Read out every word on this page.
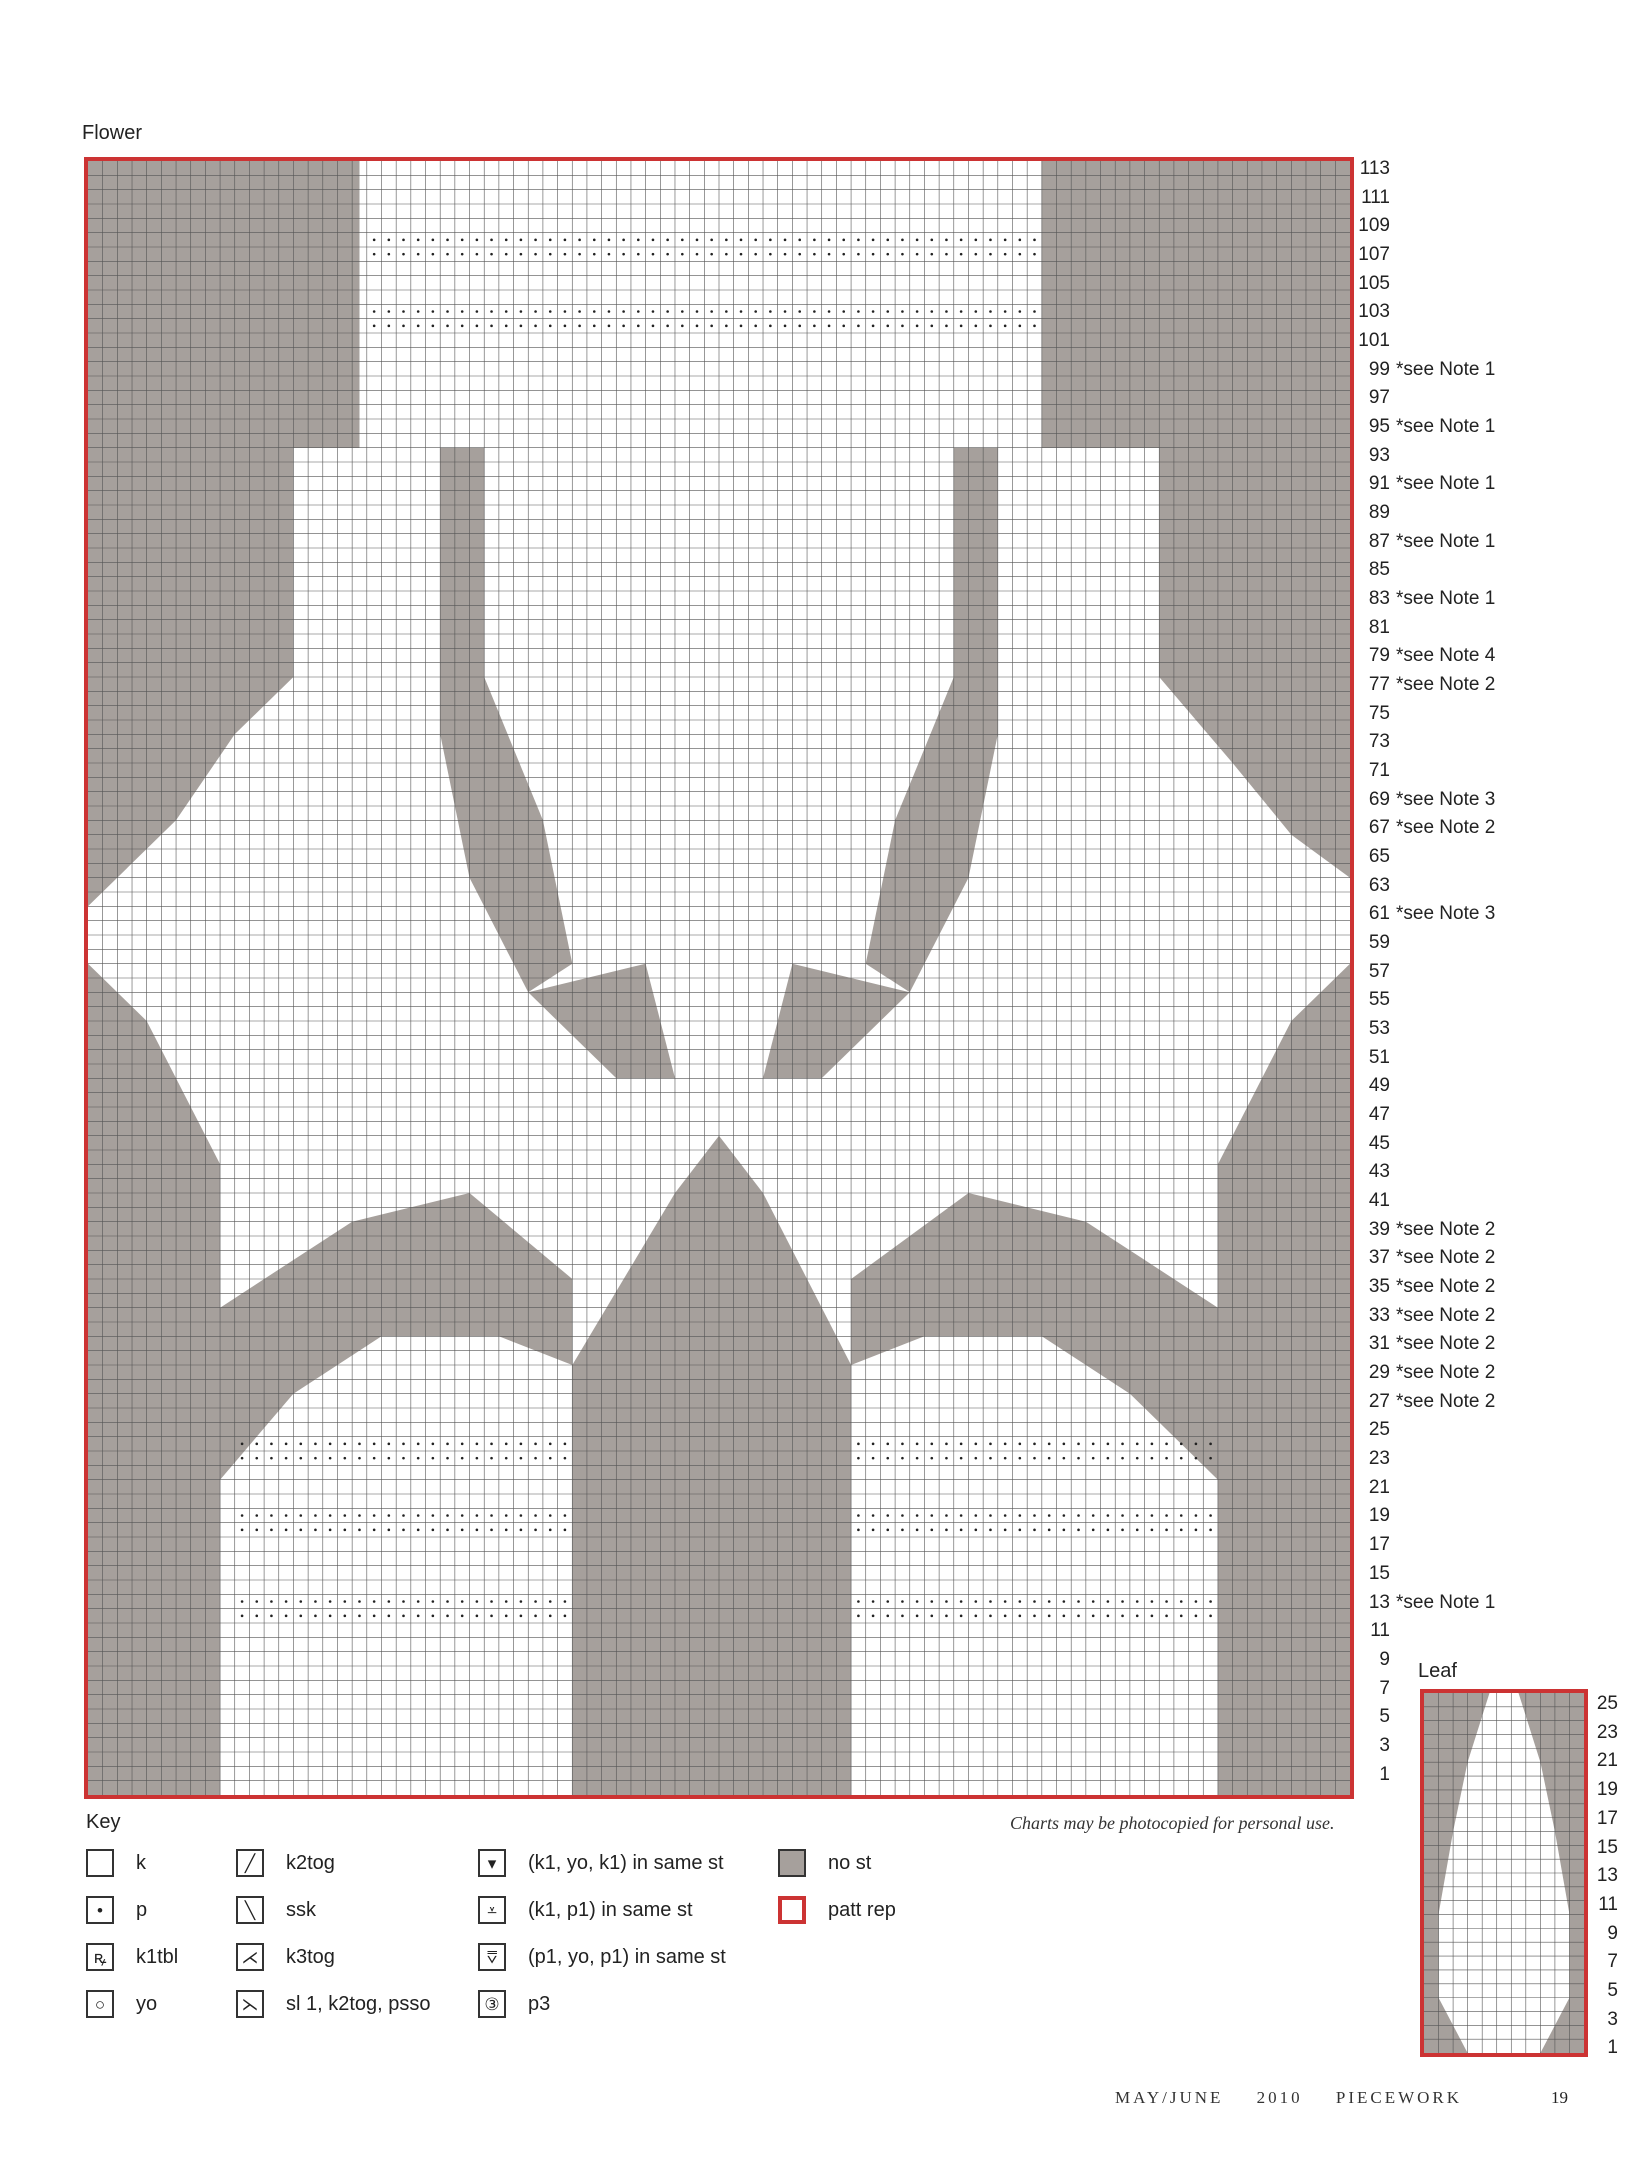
Flower
113
111
109
107
105
103
101
99 *see Note 1
97
95 *see Note 1
93
91 *see Note 1
89
87 *see Note 1
85
83 *see Note 1
81
79 *see Note 4
77 *see Note 2
75
73
71
69 *see Note 3
67 *see Note 2
65
63
61 *see Note 3
59
57
55
53
51
49
47
45
43
41
39 *see Note 2
37 *see Note 2
35 *see Note 2
33 *see Note 2
31 *see Note 2
29 *see Note 2
27 *see Note 2
25
23
21
19
17
15
13 *see Note 1
11
9
7
5
3
1
Leaf
25
23
21
19
17
15
13
11
9
7
5
3
1
Key
k
•	p
ꝶ	k1tbl
○	yo
╱	k2tog
╲	ssk
⋌ k3tog
⋋ sl 1, k2tog, psso
▾	(k1, yo, k1) in same st
⩡	(k1, p1) in same st
⩢	(p1, yo, p1) in same st
③	p3
no st
patt rep
Charts may be photocopied for personal use.
MAY/JUNE 2010 PIECEWORK	19
